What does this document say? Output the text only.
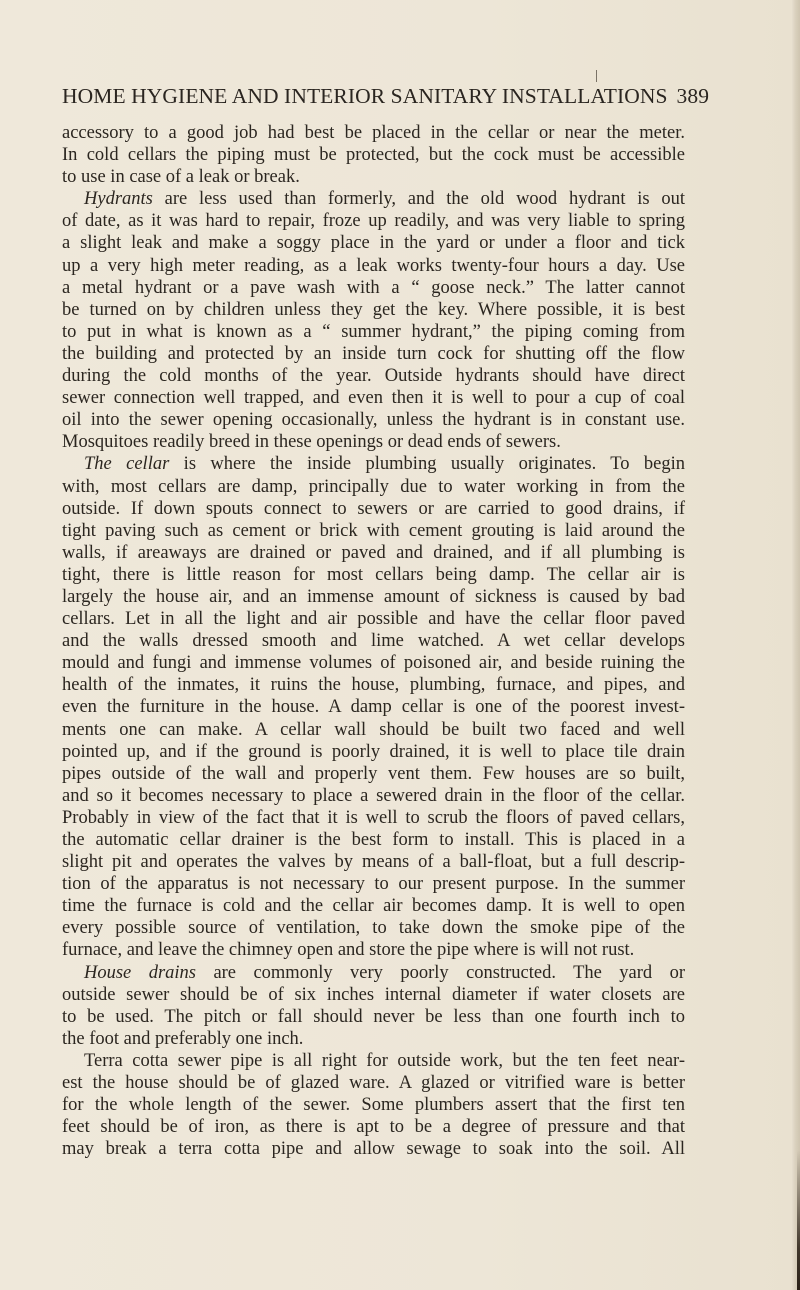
HOME HYGIENE AND INTERIOR SANITARY INSTALLATIONS 389
accessory to a good job had best be placed in the cellar or near the meter.
In cold cellars the piping must be protected, but the cock must be accessible
to use in case of a leak or break.
Hydrants are less used than formerly, and the old wood hydrant is out
of date, as it was hard to repair, froze up readily, and was very liable to spring
a slight leak and make a soggy place in the yard or under a floor and tick
up a very high meter reading, as a leak works twenty-four hours a day. Use
a metal hydrant or a pave wash with a “ goose neck.” The latter cannot
be turned on by children unless they get the key. Where possible, it is best
to put in what is known as a “ summer hydrant,” the piping coming from
the building and protected by an inside turn cock for shutting off the flow
during the cold months of the year. Outside hydrants should have direct
sewer connection well trapped, and even then it is well to pour a cup of coal
oil into the sewer opening occasionally, unless the hydrant is in constant use.
Mosquitoes readily breed in these openings or dead ends of sewers.
The cellar is where the inside plumbing usually originates. To begin
with, most cellars are damp, principally due to water working in from the
outside. If down spouts connect to sewers or are carried to good drains, if
tight paving such as cement or brick with cement grouting is laid around the
walls, if areaways are drained or paved and drained, and if all plumbing is
tight, there is little reason for most cellars being damp. The cellar air is
largely the house air, and an immense amount of sickness is caused by bad
cellars. Let in all the light and air possible and have the cellar floor paved
and the walls dressed smooth and lime watched. A wet cellar develops
mould and fungi and immense volumes of poisoned air, and beside ruining the
health of the inmates, it ruins the house, plumbing, furnace, and pipes, and
even the furniture in the house. A damp cellar is one of the poorest invest-
ments one can make. A cellar wall should be built two faced and well
pointed up, and if the ground is poorly drained, it is well to place tile drain
pipes outside of the wall and properly vent them. Few houses are so built,
and so it becomes necessary to place a sewered drain in the floor of the cellar.
Probably in view of the fact that it is well to scrub the floors of paved cellars,
the automatic cellar drainer is the best form to install. This is placed in a
slight pit and operates the valves by means of a ball-float, but a full descrip-
tion of the apparatus is not necessary to our present purpose. In the summer
time the furnace is cold and the cellar air becomes damp. It is well to open
every possible source of ventilation, to take down the smoke pipe of the
furnace, and leave the chimney open and store the pipe where is will not rust.
House drains are commonly very poorly constructed. The yard or
outside sewer should be of six inches internal diameter if water closets are
to be used. The pitch or fall should never be less than one fourth inch to
the foot and preferably one inch.
Terra cotta sewer pipe is all right for outside work, but the ten feet near-
est the house should be of glazed ware. A glazed or vitrified ware is better
for the whole length of the sewer. Some plumbers assert that the first ten
feet should be of iron, as there is apt to be a degree of pressure and that
may break a terra cotta pipe and allow sewage to soak into the soil. All
